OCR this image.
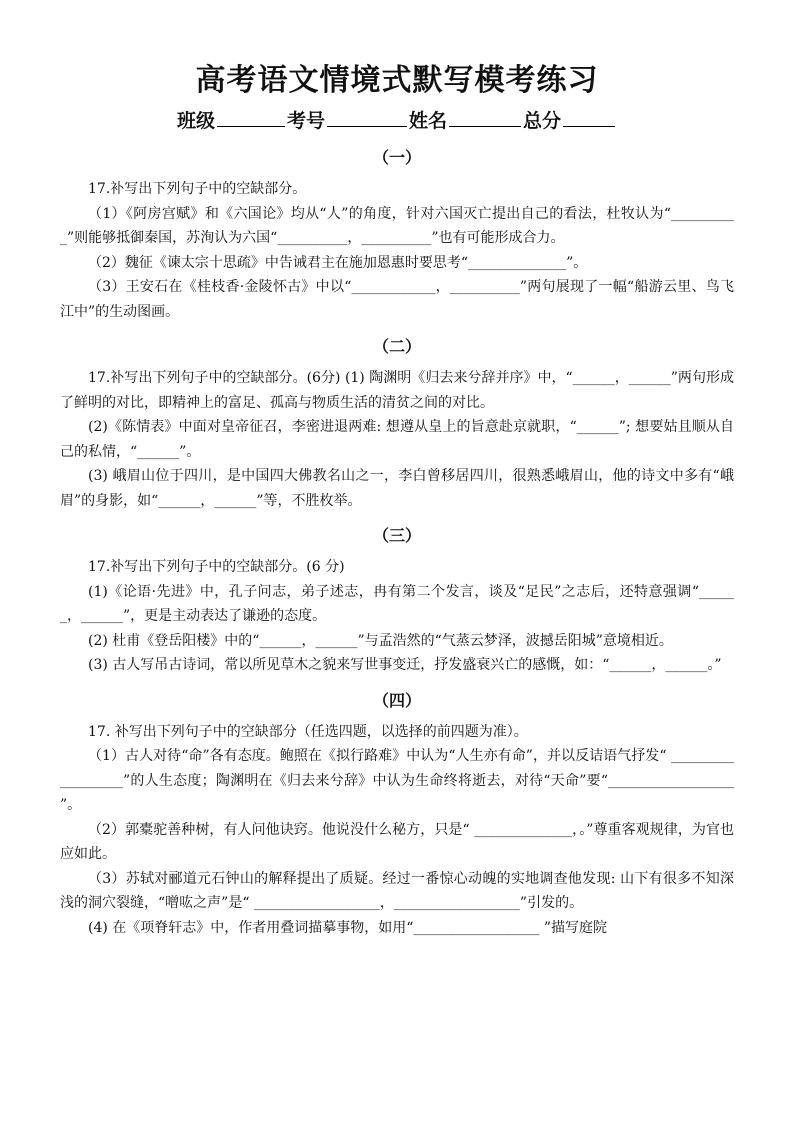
高考语文情境式默写模考练习
班级	考号	姓名	总分
（一）

17.补写出下列句子中的空缺部分。

（1）《阿房宫赋》和《六国论》均从“人”的角度，针对六国灭亡提出自己的看法，杜牧认为“__________”则能够抵御秦国，苏洵认为六国“__________，__________”也有可能形成合力。

（2）魏征《谏太宗十思疏》中告诫君主在施加恩惠时要思考“______________”。

（3）王安石在《桂枝香·金陵怀古》中以“____________，__________”两句展现了一幅“船游云里、鸟飞江中”的生动图画。

（二）

17.补写出下列句子中的空缺部分。(6分) (1) 陶渊明《归去来兮辞并序》中，“______，______”两句形成了鲜明的对比，即精神上的富足、孤高与物质生活的清贫之间的对比。

(2)《陈情表》中面对皇帝征召，李密进退两难: 想遵从皇上的旨意赴京就职，“______”; 想要姑且顺从自己的私情，“______”。

(3) 峨眉山位于四川，是中国四大佛教名山之一，李白曾移居四川，很熟悉峨眉山，他的诗文中多有“峨眉”的身影，如“______，______”等，不胜枚举。

（三）

17.补写出下列句子中的空缺部分。(6 分)

(1)《论语·先进》中，孔子问志，弟子述志，冉有第二个发言，谈及“足民”之志后，还特意强调“______，______”，更是主动表达了谦逊的态度。

(2) 杜甫《登岳阳楼》中的“______，______”与孟浩然的“气蒸云梦泽，波撼岳阳城”意境相近。

(3) 古人写吊古诗词，常以所见草木之貌来写世事变迁，抒发盛衰兴亡的感慨，如：“______，______。”

（四）

17. 补写出下列句子中的空缺部分（任选四题，以选择的前四题为准）。

（1）古人对待“命”各有态度。鲍照在《拟行路难》中认为“人生亦有命”，并以反诘语气抒发“ __________________”的人生态度；陶渊明在《归去来兮辞》中认为生命终将逝去，对待“天命”要“__________________ ”。

（2）郭橐驼善种树，有人问他诀窍。他说没什么秘方，只是“ ______________，。”尊重客观规律，为官也应如此。

（3）苏轼对郦道元石钟山的解释提出了质疑。经过一番惊心动魄的实地调查他发现: 山下有很多不知深浅的洞穴裂缝，“噌吰之声”是“ __________________，__________________”引发的。

(4) 在《项脊轩志》中，作者用叠词描摹事物，如用“__________________ ”描写庭院
